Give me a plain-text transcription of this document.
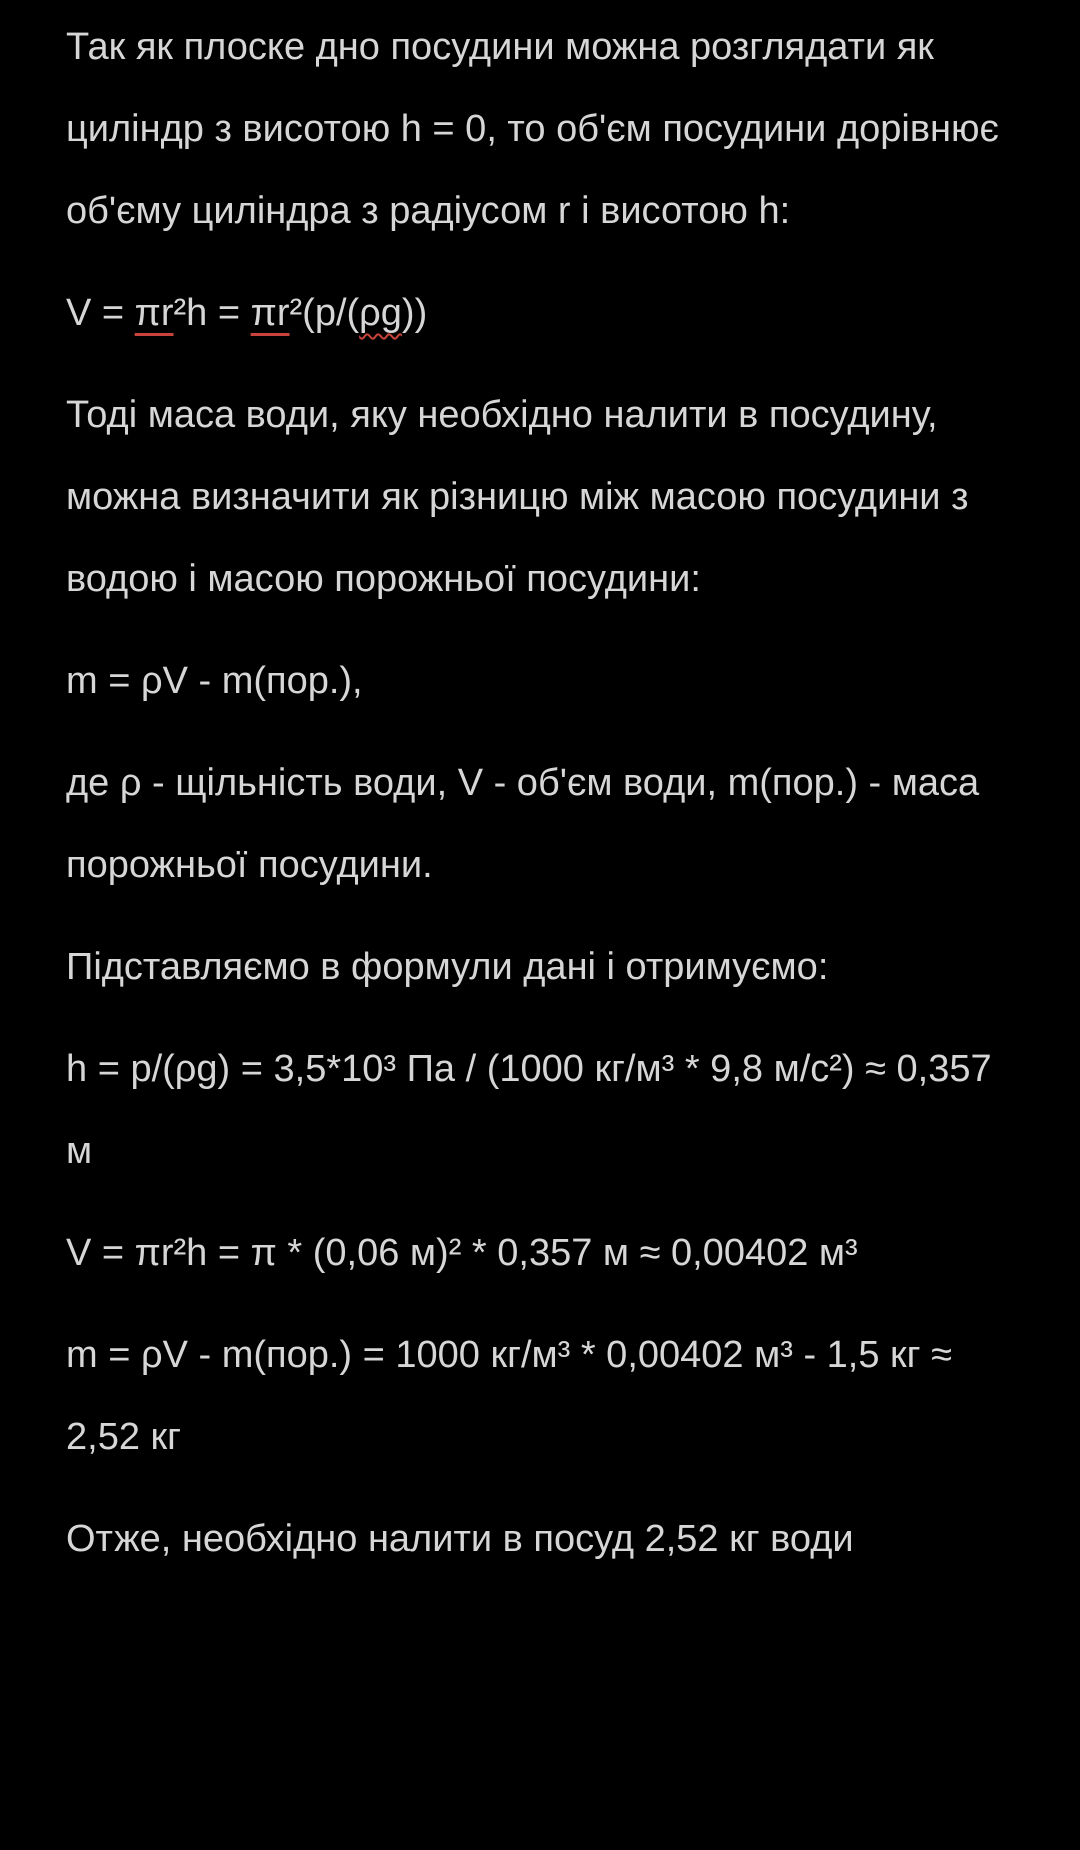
Так як плоске дно посудини можна розглядати як циліндр з висотою h = 0, то об'єм посудини дорівнює об'єму циліндра з радіусом r і висотою h:

V = πr²h = πr²(p/(ρg))

Тоді маса води, яку необхідно налити в посудину, можна визначити як різницю між масою посудини з водою і масою порожньої посудини:

m = ρV - m(пор.),

де ρ - щільність води, V - об'єм води, m(пор.) - маса порожньої посудини.

Підставляємо в формули дані і отримуємо:

h = p/(ρg) = 3,5*10³ Па / (1000 кг/м³ * 9,8 м/с²) ≈ 0,357 м

V = πr²h = π * (0,06 м)² * 0,357 м ≈ 0,00402 м³

m = ρV - m(пор.) = 1000 кг/м³ * 0,00402 м³ - 1,5 кг ≈ 2,52 кг

Отже, необхідно налити в посуд 2,52 кг води
